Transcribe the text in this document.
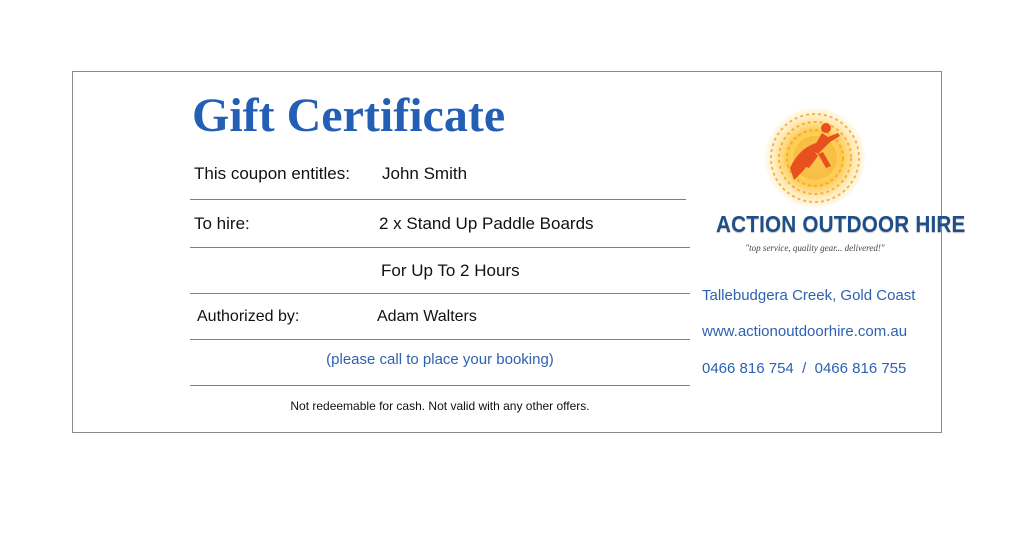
Gift Certificate
This coupon entitles: John Smith
To hire:	2 x Stand Up Paddle Boards
For Up To 2 Hours
Authorized by:	Adam Walters
(please call to place your booking)
Not redeemable for cash. Not valid with any other offers.
ACTION OUTDOOR HIRE
"top service, quality gear... delivered!"
Tallebudgera Creek, Gold Coast
www.actionoutdoorhire.com.au
0466 816 754  /  0466 816 755
